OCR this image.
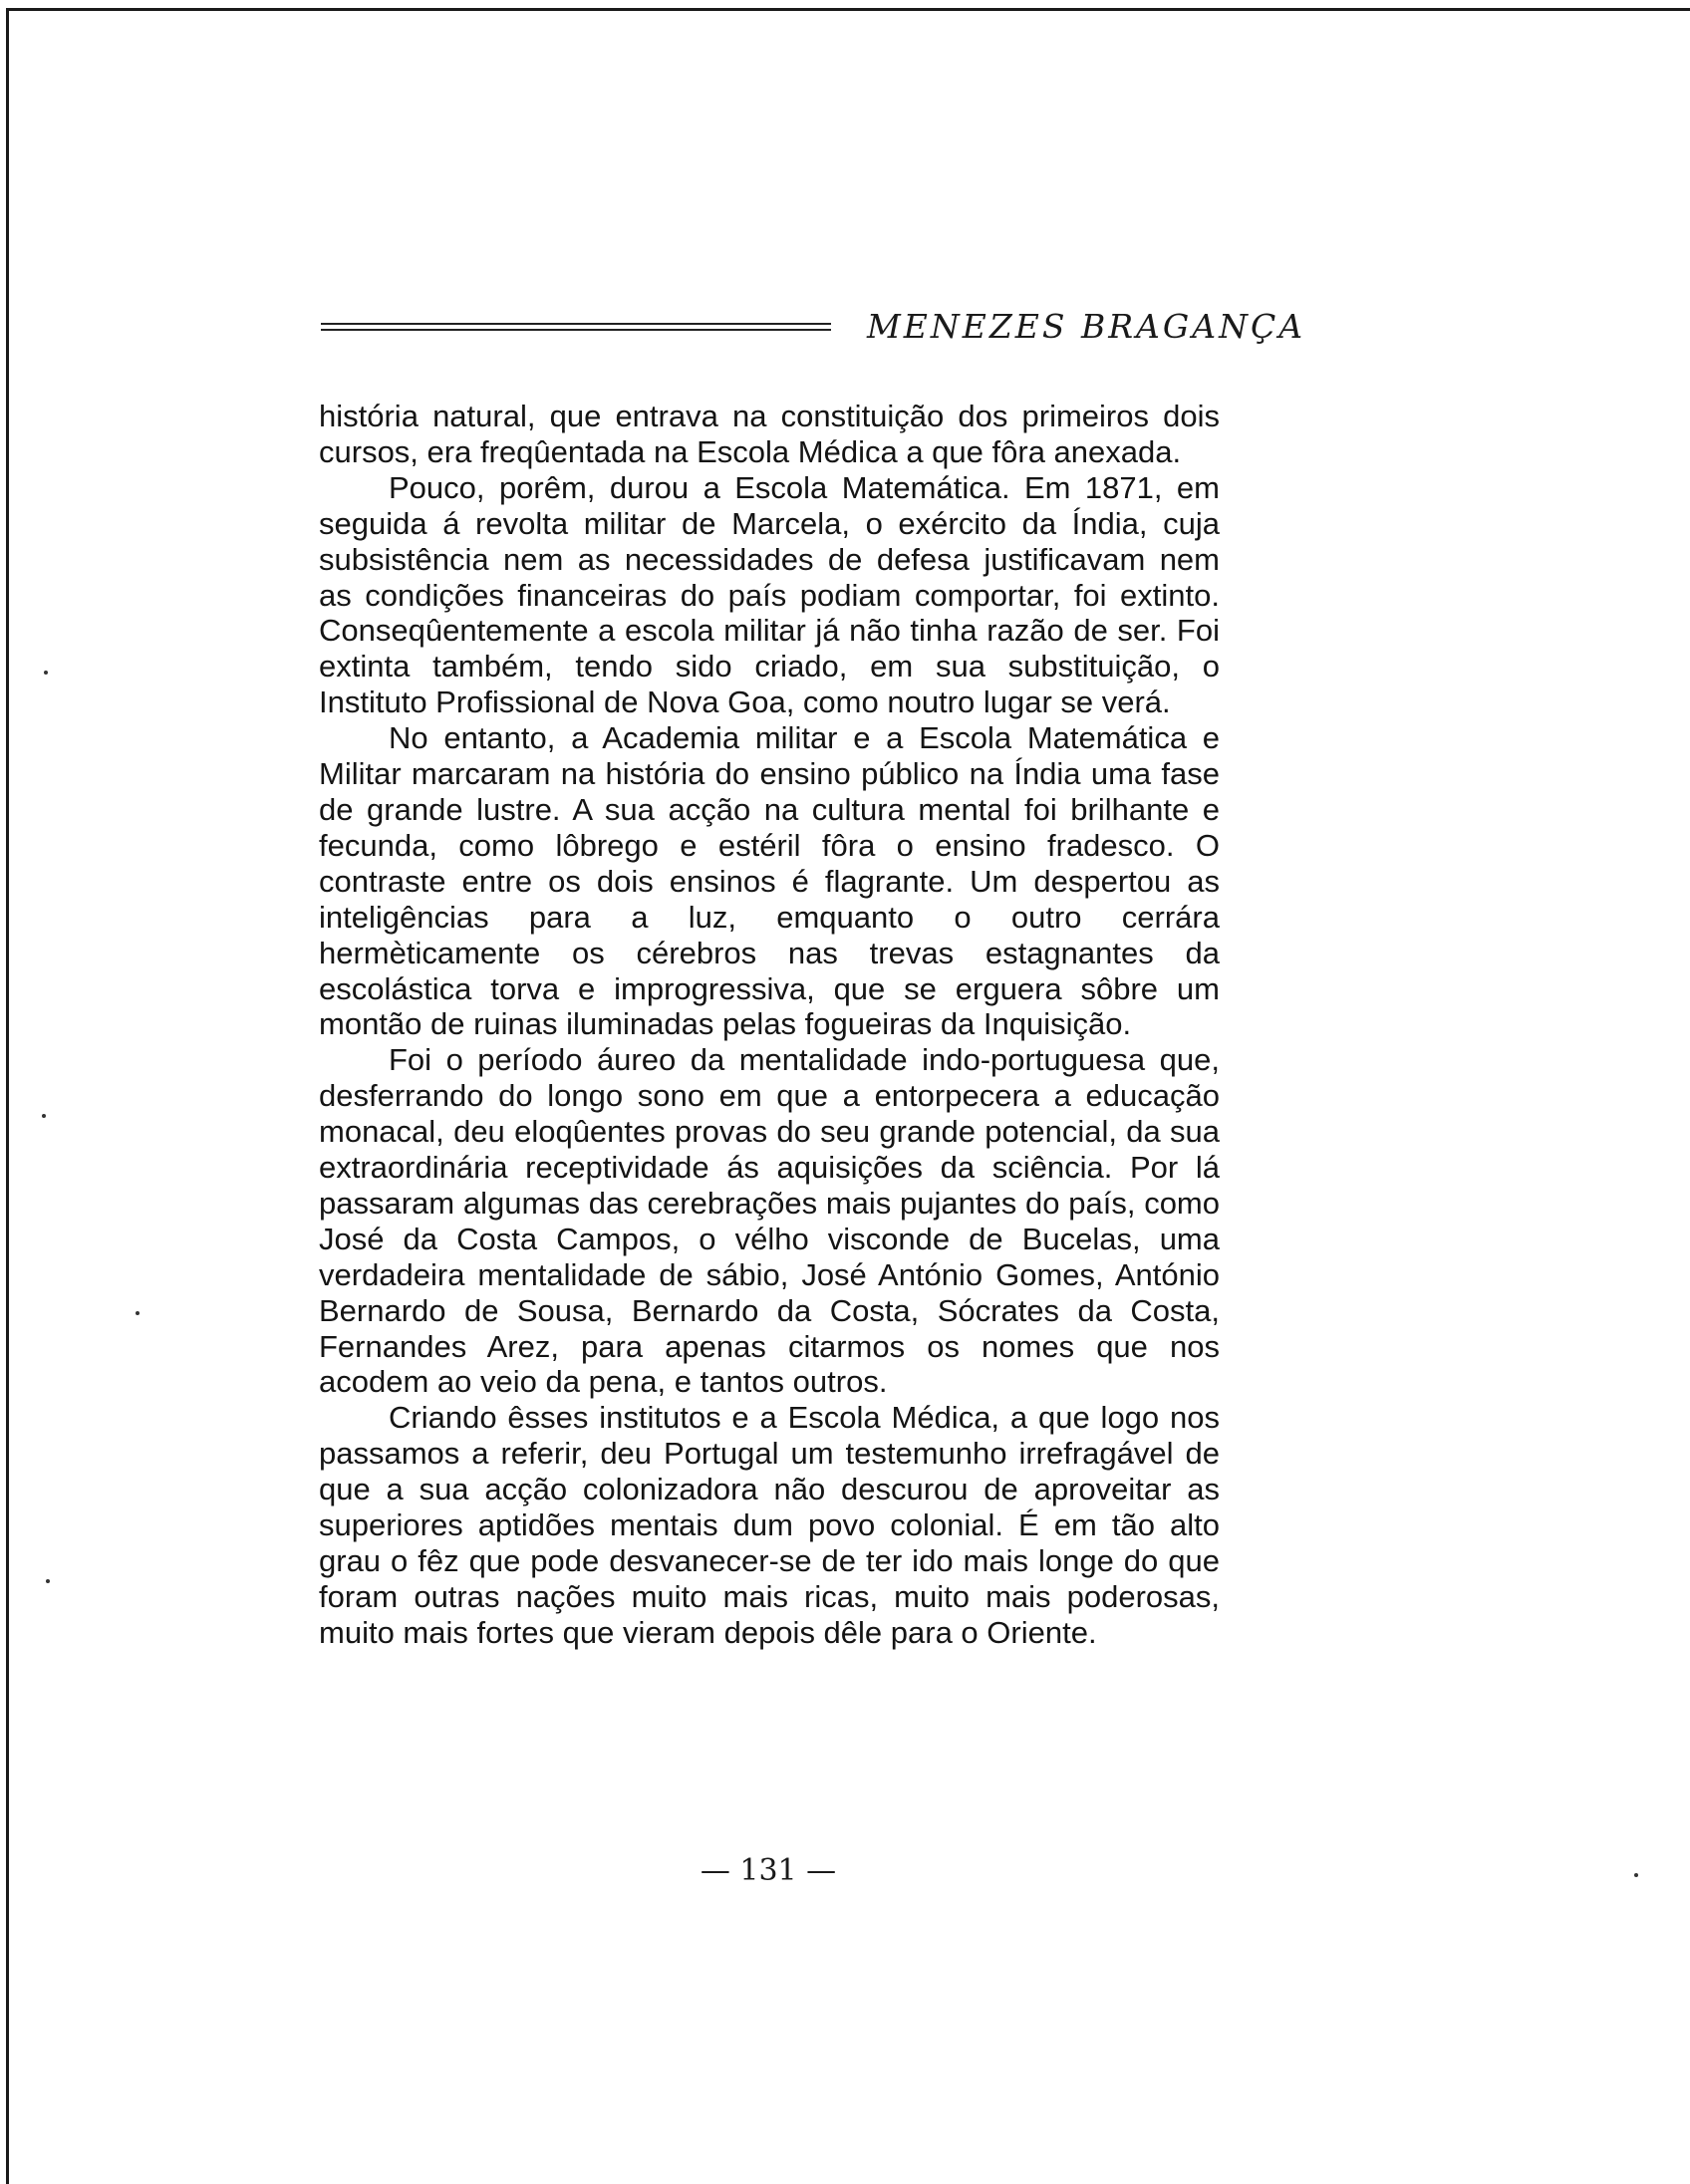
MENEZES BRAGANÇA

história natural, que entrava na constituição dos primeiros dois cursos, era freqûentada na Escola Médica a que fôra anexada.

Pouco, porêm, durou a Escola Matemática. Em 1871, em seguida á revolta militar de Marcela, o exército da Índia, cuja subsistência nem as necessidades de defesa justificavam nem as condições financeiras do país podiam comportar, foi extinto. Conseqûentemente a escola militar já não tinha razão de ser. Foi extinta também, tendo sido criado, em sua substituição, o Instituto Profissional de Nova Goa, como noutro lugar se verá.

No entanto, a Academia militar e a Escola Matemática e Militar marcaram na história do ensino público na Índia uma fase de grande lustre. A sua acção na cultura mental foi brilhante e fecunda, como lôbrego e estéril fôra o ensino fradesco. O contraste entre os dois ensinos é flagrante. Um despertou as inteligências para a luz, emquanto o outro cerrára hermèticamente os cérebros nas trevas estagnantes da escolástica torva e improgressiva, que se erguera sôbre um montão de ruinas iluminadas pelas fogueiras da Inquisição.

Foi o período áureo da mentalidade indo-portuguesa que, desferrando do longo sono em que a entorpecera a educação monacal, deu eloqûentes provas do seu grande potencial, da sua extraordinária receptividade ás aquisições da sciência. Por lá passaram algumas das cerebrações mais pujantes do país, como José da Costa Campos, o vélho visconde de Bucelas, uma verdadeira mentalidade de sábio, José António Gomes, António Bernardo de Sousa, Bernardo da Costa, Sócrates da Costa, Fernandes Arez, para apenas citarmos os nomes que nos acodem ao veio da pena, e tantos outros.

Criando êsses institutos e a Escola Médica, a que logo nos passamos a referir, deu Portugal um testemunho irrefragável de que a sua acção colonizadora não descurou de aproveitar as superiores aptidões mentais dum povo colonial. É em tão alto grau o fêz que pode desvanecer-se de ter ido mais longe do que foram outras nações muito mais ricas, muito mais poderosas, muito mais fortes que vieram depois dêle para o Oriente.

— 131 —
